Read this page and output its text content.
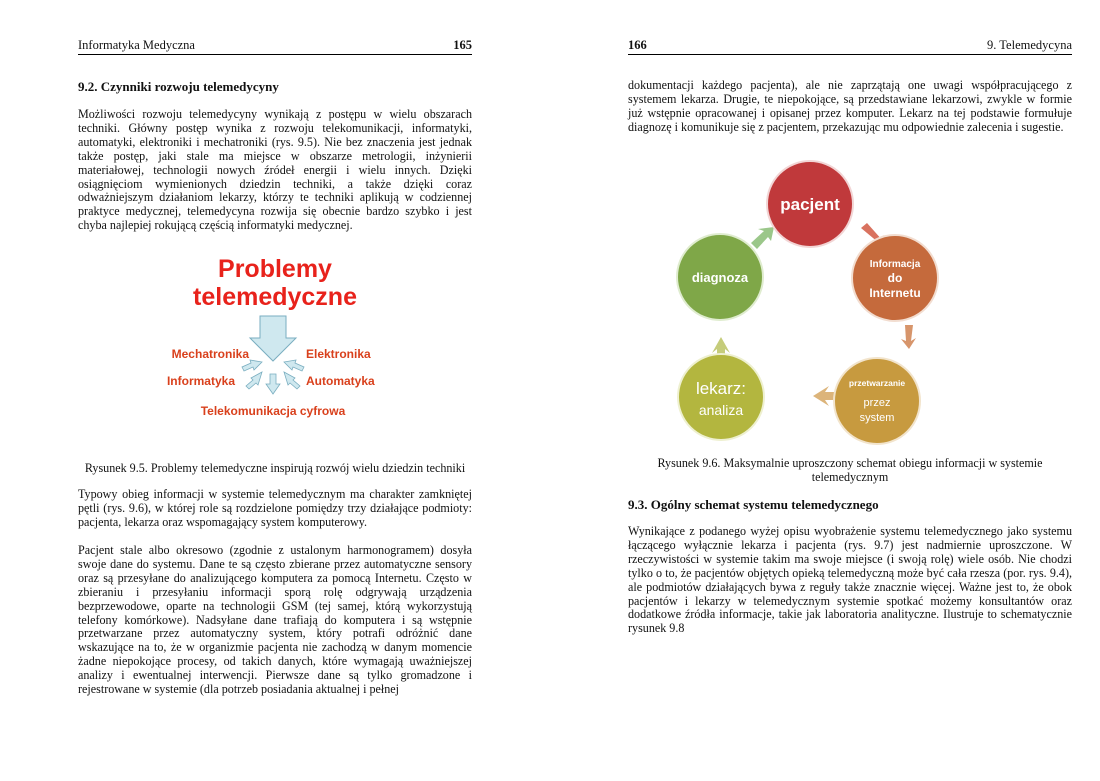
Informatyka Medyczna	165
9.2. Czynniki rozwoju telemedycyny

Możliwości rozwoju telemedycyny wynikają z postępu w wielu obszarach techniki. Główny postęp wynika z rozwoju telekomunikacji, informatyki, automatyki, elektroniki i mechatroniki (rys. 9.5). Nie bez znaczenia jest jednak także postęp, jaki stale ma miejsce w obszarze metrologii, inżynierii materiałowej, technologii nowych źródeł energii i wielu innych. Dzięki osiągnięciom wymienionych dziedzin techniki, a także dzięki coraz odważniejszym działaniom lekarzy, którzy te techniki aplikują w codziennej praktyce medycznej, telemedycyna rozwija się obecnie bardzo szybko i jest chyba najlepiej rokującą częścią informatyki medycznej.

Problemy
telemedyczne
Mechatronika	Elektronika
Informatyka	Automatyka
Telekomunikacja cyfrowa

Rysunek 9.5. Problemy telemedyczne inspirują rozwój wielu dziedzin techniki

Typowy obieg informacji w systemie telemedycznym ma charakter zamkniętej pętli (rys. 9.6), w której role są rozdzielone pomiędzy trzy działające podmioty: pacjenta, lekarza oraz wspomagający system komputerowy.

Pacjent stale albo okresowo (zgodnie z ustalonym harmonogramem) dosyła swoje dane do systemu. Dane te są często zbierane przez automatyczne sensory oraz są przesyłane do analizującego komputera za pomocą Internetu. Często w zbieraniu i przesyłaniu informacji sporą rolę odgrywają urządzenia bezprzewodowe, oparte na technologii GSM (tej samej, którą wykorzystują telefony komórkowe). Nadsyłane dane trafiają do komputera i są wstępnie przetwarzane przez automatyczny system, który potrafi odróżnić dane wskazujące na to, że w organizmie pacjenta nie zachodzą w danym momencie żadne niepokojące procesy, od takich danych, które wymagają uważniejszej analizy i ewentualnej interwencji. Pierwsze dane są tylko gromadzone i rejestrowane w systemie (dla potrzeb posiadania aktualnej i pełnej

166	9. Telemedycyna

dokumentacji każdego pacjenta), ale nie zaprzątają one uwagi współpracującego z systemem lekarza. Drugie, te niepokojące, są przedstawiane lekarzowi, zwykle w formie już wstępnie opracowanej i opisanej przez komputer. Lekarz na tej podstawie formułuje diagnozę i komunikuje się z pacjentem, przekazując mu odpowiednie zalecenia i sugestie.

pacjent
Informacja
do
Internetu
przetwarzanie
przez
system
lekarz:
analiza
diagnoza

Rysunek 9.6. Maksymalnie uproszczony schemat obiegu informacji w systemie

telemedycznym

9.3. Ogólny schemat systemu telemedycznego

Wynikające z podanego wyżej opisu wyobrażenie systemu telemedycznego jako systemu łączącego wyłącznie lekarza i pacjenta (rys. 9.7) jest nadmiernie uproszczone. W rzeczywistości w systemie takim ma swoje miejsce (i swoją rolę) wiele osób. Nie chodzi tylko o to, że pacjentów objętych opieką telemedyczną może być cała rzesza (por. rys. 9.4), ale podmiotów działających bywa z reguły także znacznie więcej. Ważne jest to, że obok pacjentów i lekarzy w telemedycznym systemie spotkać możemy konsultantów oraz dodatkowe źródła informacje, takie jak laboratoria analityczne. Ilustruje to schematycznie rysunek 9.8
